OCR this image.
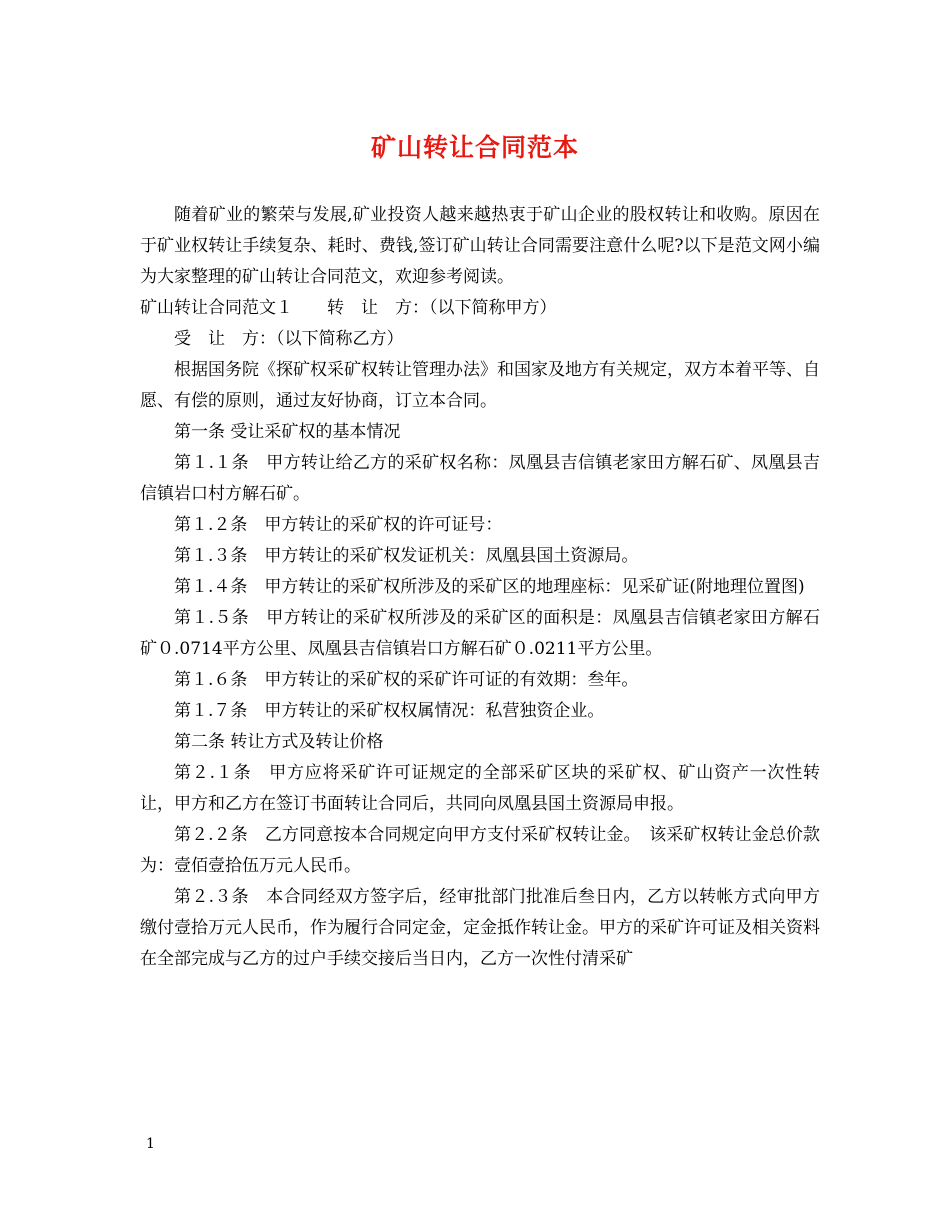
矿山转让合同范本

随着矿业的繁荣与发展,矿业投资人越来越热衷于矿山企业的股权转让和收购。原因在于矿业权转让手续复杂、耗时、费钱,签订矿山转让合同需要注意什么呢?以下是范文网小编为大家整理的矿山转让合同范文，欢迎参考阅读。

矿山转让合同范文１　　转　让　方：（以下简称甲方）

受　让　方：（以下简称乙方）

根据国务院《探矿权采矿权转让管理办法》和国家及地方有关规定，双方本着平等、自愿、有偿的原则，通过友好协商，订立本合同。

第一条 受让采矿权的基本情况

第１.１条　甲方转让给乙方的采矿权名称：凤凰县吉信镇老家田方解石矿、凤凰县吉信镇岩口村方解石矿。

第１.２条　甲方转让的采矿权的许可证号：

第１.３条　甲方转让的采矿权发证机关：凤凰县国土资源局。

第１.４条　甲方转让的采矿权所涉及的采矿区的地理座标：见采矿证(附地理位置图)

第１.５条　甲方转让的采矿权所涉及的采矿区的面积是：凤凰县吉信镇老家田方解石矿０.0714平方公里、凤凰县吉信镇岩口方解石矿０.0211平方公里。

第１.６条　甲方转让的采矿权的采矿许可证的有效期：叁年。

第１.７条　甲方转让的采矿权权属情况：私营独资企业。

第二条 转让方式及转让价格

第２.１条　甲方应将采矿许可证规定的全部采矿区块的采矿权、矿山资产一次性转让，甲方和乙方在签订书面转让合同后，共同向凤凰县国土资源局申报。

第２.２条　乙方同意按本合同规定向甲方支付采矿权转让金。　该采矿权转让金总价款为：壹佰壹拾伍万元人民币。

第２.３条　本合同经双方签字后，经审批部门批准后叁日内，乙方以转帐方式向甲方缴付壹拾万元人民币，作为履行合同定金，定金抵作转让金。甲方的采矿许可证及相关资料在全部完成与乙方的过户手续交接后当日内，乙方一次性付清采矿

1
